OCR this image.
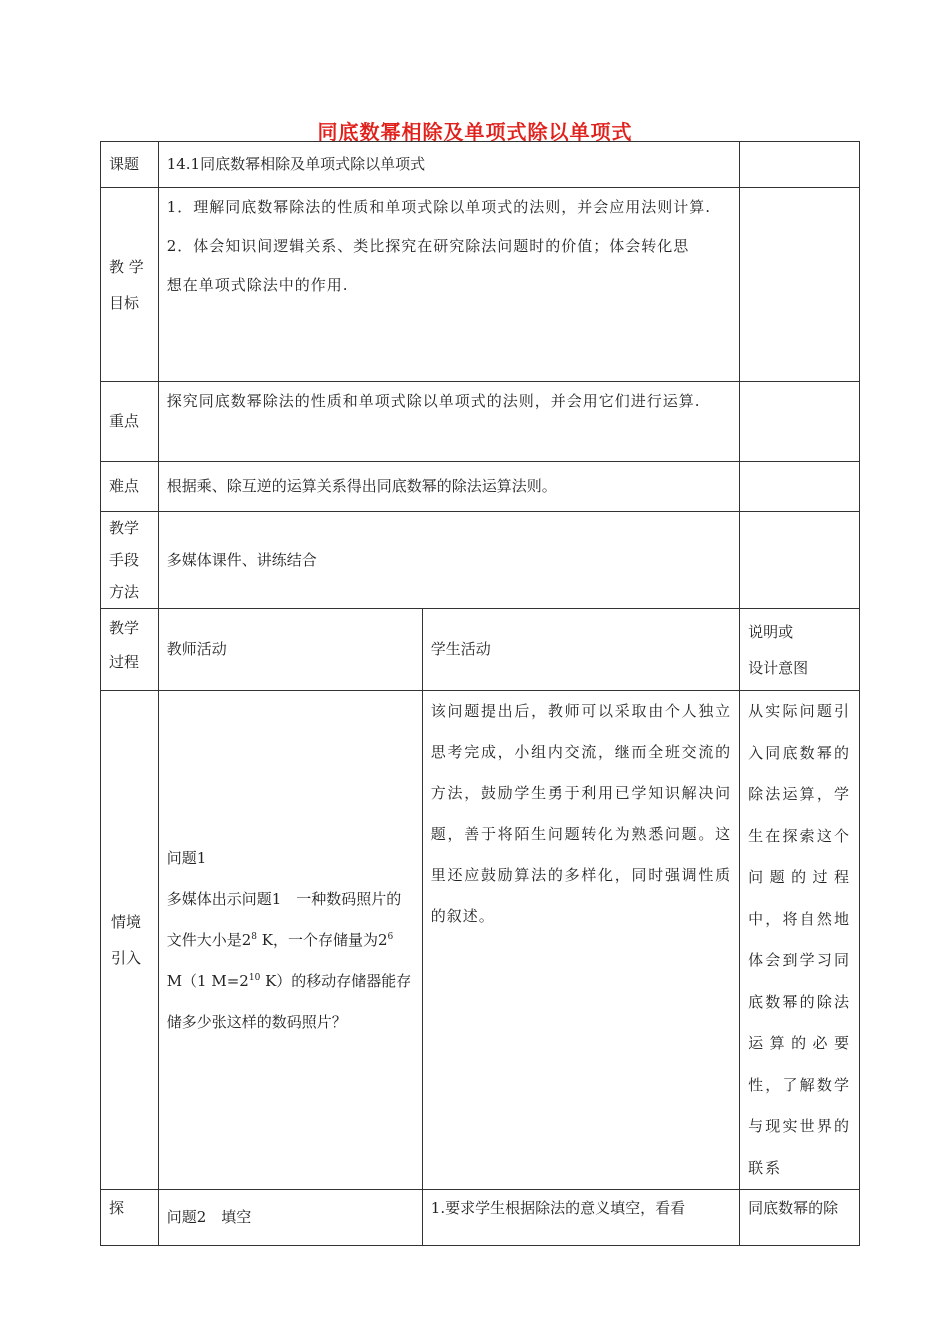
同底数幂相除及单项式除以单项式
课题	14.1同底数幂相除及单项式除以单项式		

教 学
目标	1．理解同底数幂除法的性质和单项式除以单项式的法则，并会应用法则计算.
2．体会知识间逻辑关系、类比探究在研究除法问题时的价值；体会转化思
想在单项式除法中的作用.		

重点	探究同底数幂除法的性质和单项式除以单项式的法则，并会用它们进行运算.		
难点	根据乘、除互逆的运算关系得出同底数幂的除法运算法则。		
教学手段方法	多媒体课件、讲练结合		
教学过程	教师活动	学生活动	说明或
设计意图

情境引入	问题1
多媒体出示问题1　一种数码照片的文件大小是$2^8$ K，一个存储量为$2^6$　M（1 $M=2^{10}$ K）的移动存储器能存储多少张这样的数码照片？	该问题提出后，教师可以采取由个人独立思考完成，小组内交流，继而全班交流的方法，鼓励学生勇于利用已学知识解决问题，善于将陌生问题转化为熟悉问题。这里还应鼓励算法的多样化，同时强调性质的叙述。	从实际问题引入同底数幂的除法运算，学生在探索这个问题的过程中，将自然地体会到学习同底数幂的除法运算的必要性，了解数学与现实世界的联系
探	问题2　填空	1.要求学生根据除法的意义填空，看看	同底数幂的除
